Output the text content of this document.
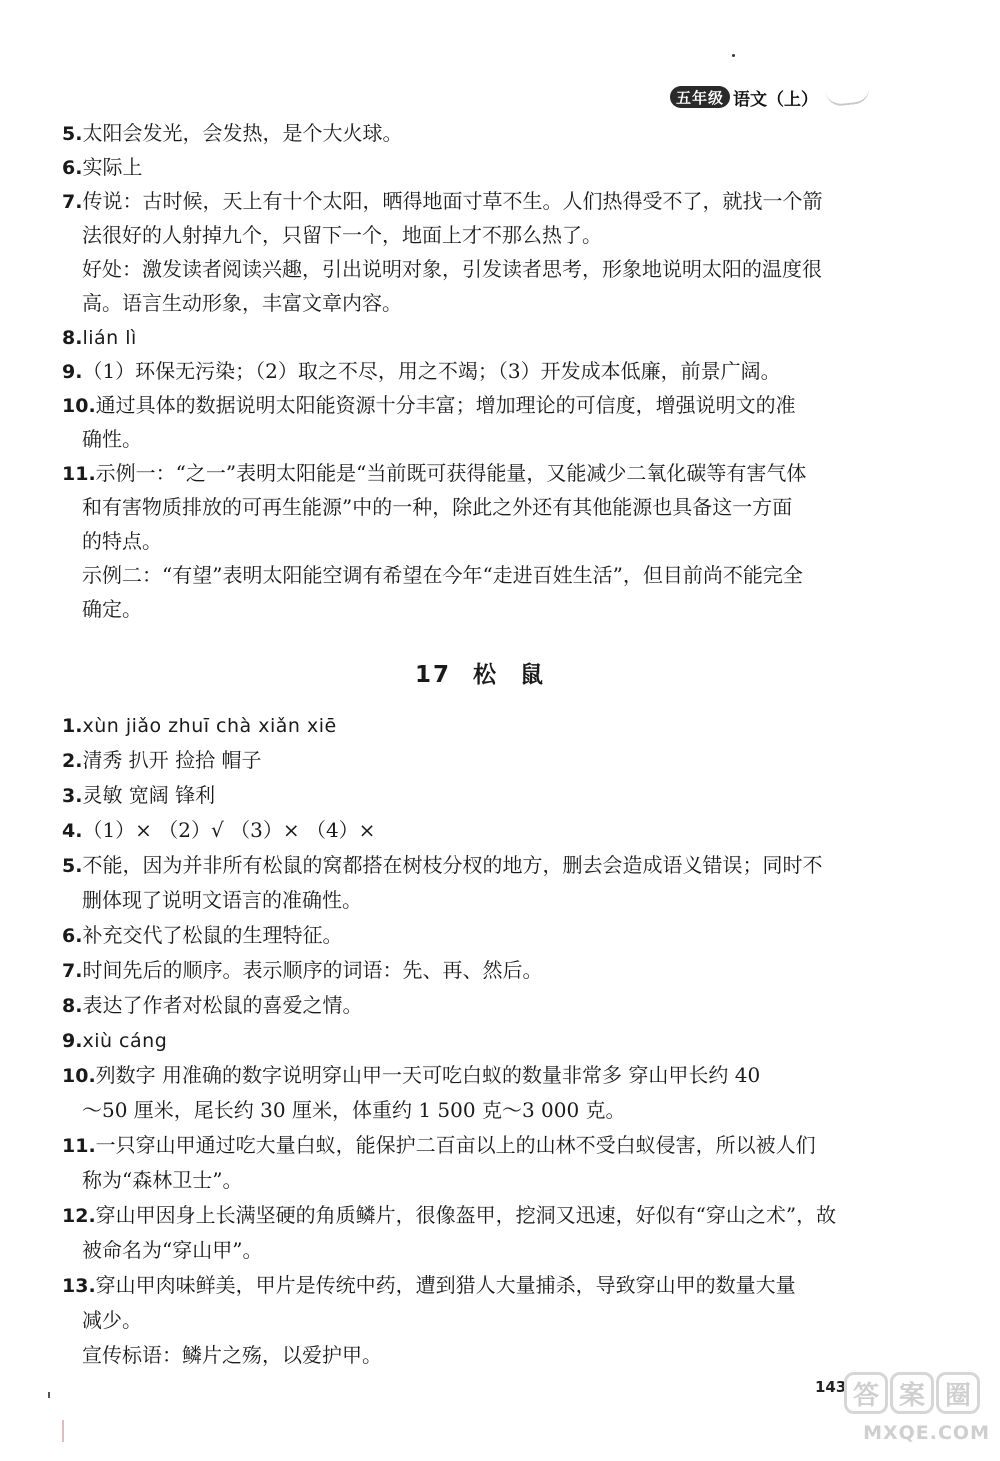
五年级 语文（上）
5.太阳会发光，会发热，是个大火球。
6.实际上
7.传说：古时候，天上有十个太阳，晒得地面寸草不生。人们热得受不了，就找一个箭
法很好的人射掉九个，只留下一个，地面上才不那么热了。
好处：激发读者阅读兴趣，引出说明对象，引发读者思考，形象地说明太阳的温度很
高。语言生动形象，丰富文章内容。
8.lián lì
9.（1）环保无污染；（2）取之不尽，用之不竭；（3）开发成本低廉，前景广阔。
10.通过具体的数据说明太阳能资源十分丰富；增加理论的可信度，增强说明文的准
确性。
11.示例一：“之一”表明太阳能是“当前既可获得能量，又能减少二氧化碳等有害气体
和有害物质排放的可再生能源”中的一种，除此之外还有其他能源也具备这一方面
的特点。
示例二：“有望”表明太阳能空调有希望在今年“走进百姓生活”，但目前尚不能完全
确定。
17 松 鼠
1.xùn jiǎo zhuī chà xiǎn xiē
2.清秀 扒开 捡拾 帽子
3.灵敏 宽阔 锋利
4.（1）× （2）√ （3）× （4）×
5.不能，因为并非所有松鼠的窝都搭在树枝分杈的地方，删去会造成语义错误；同时不
删体现了说明文语言的准确性。
6.补充交代了松鼠的生理特征。
7.时间先后的顺序。表示顺序的词语：先、再、然后。
8.表达了作者对松鼠的喜爱之情。
9.xiù cáng
10.列数字 用准确的数字说明穿山甲一天可吃白蚁的数量非常多 穿山甲长约 40
～50 厘米，尾长约 30 厘米，体重约 1 500 克～3 000 克。
11.一只穿山甲通过吃大量白蚁，能保护二百亩以上的山林不受白蚁侵害，所以被人们
称为“森林卫士”。
12.穿山甲因身上长满坚硬的角质鳞片，很像盔甲，挖洞又迅速，好似有“穿山之术”，故
被命名为“穿山甲”。
13.穿山甲肉味鲜美，甲片是传统中药，遭到猎人大量捕杀，导致穿山甲的数量大量
减少。
宣传标语：鳞片之殇，以爱护甲。
143 答 案 圈
MXQE.COM
